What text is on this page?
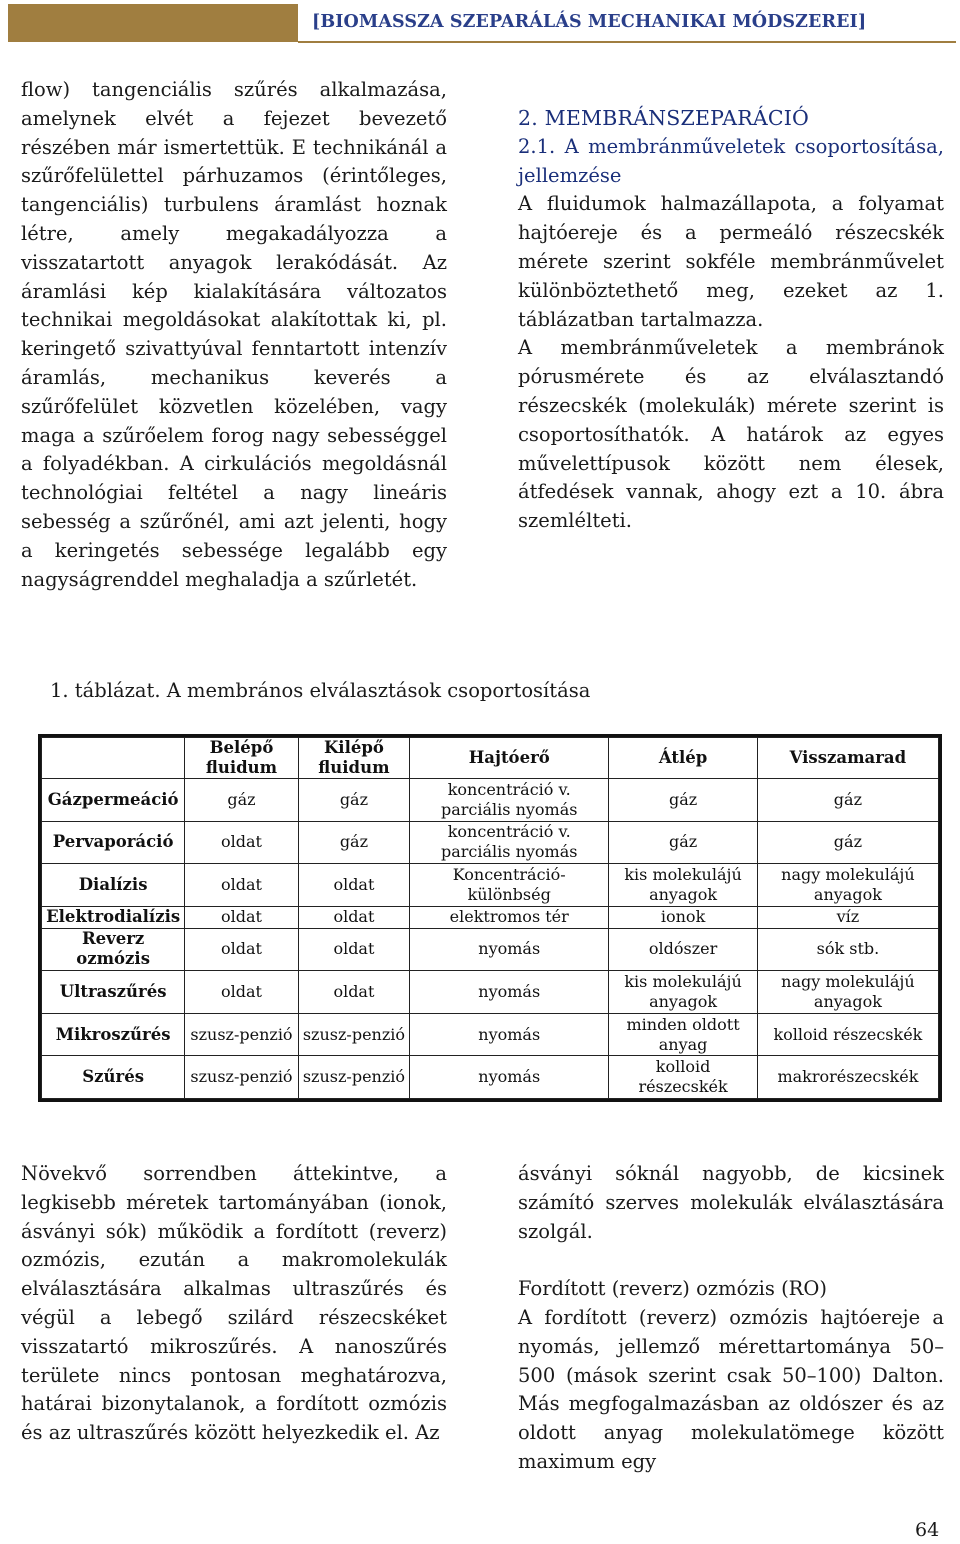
[BIOMASSZA SZEPARÁLÁS MECHANIKAI MÓDSZEREI]

flow) tangenciális szűrés alkalmazása, amelynek elvét a fejezet bevezető részében már ismertettük. E technikánál a szűrőfelülettel párhuzamos (érintőleges, tangenciális) turbulens áramlást hoznak létre, amely megakadályozza a visszatartott anyagok lerakódását. Az áramlási kép kialakítására változatos technikai megoldásokat alakítottak ki, pl. keringető szivattyúval fenntartott intenzív áramlás, mechanikus keverés a szűrőfelület közvetlen közelében, vagy maga a szűrőelem forog nagy sebességgel a folyadékban. A cirkulációs megoldásnál technológiai feltétel a nagy lineáris sebesség a szűrőnél, ami azt jelenti, hogy a keringetés sebessége legalább egy nagyságrenddel meghaladja a szűrletét.

2. MEMBRÁNSZEPARÁCIÓ

2.1. A membránműveletek csoportosítása, jellemzése

A fluidumok halmazállapota, a folyamat hajtóereje és a permeáló részecskék mérete szerint sokféle membránművelet különböztethető meg, ezeket az 1. táblázatban tartalmazza.

A membránműveletek a membránok pórusmérete és az elválasztandó részecskék (molekulák) mérete szerint is csoportosíthatók. A határok az egyes művelettípusok között nem élesek, átfedések vannak, ahogy ezt a 10. ábra szemlélteti.

1. táblázat. A membrános elválasztások csoportosítása
	Belépő fluidum	Kilépő fluidum	Hajtóerő	Átlép	Visszamarad
Gázpermeáció	gáz	gáz	koncentráció v. parciális nyomás	gáz	gáz
Pervaporáció	oldat	gáz	koncentráció v. parciális nyomás	gáz	gáz
Dialízis	oldat	oldat	Koncentráció-különbség	kis molekulájú anyagok	nagy molekulájú anyagok
Elektrodialízis	oldat	oldat	elektromos tér	ionok	víz
Reverz ozmózis	oldat	oldat	nyomás	oldószer	sók stb.
Ultraszűrés	oldat	oldat	nyomás	kis molekulájú anyagok	nagy molekulájú anyagok
Mikroszűrés	szusz-penzió	szusz-penzió	nyomás	minden oldott anyag	kolloid részecskék
Szűrés	szusz-penzió	szusz-penzió	nyomás	kolloid részecskék	makrorészecskék

Növekvő sorrendben áttekintve, a legkisebb méretek tartományában (ionok, ásványi sók) működik a fordított (reverz) ozmózis, ezután a makromolekulák elválasztására alkalmas ultraszűrés és végül a lebegő szilárd részecskéket visszatartó mikroszűrés. A nanoszűrés területe nincs pontosan meghatározva, határai bizonytalanok, a fordított ozmózis és az ultraszűrés között helyezkedik el. Az

ásványi sóknál nagyobb, de kicsinek számító szerves molekulák elválasztására szolgál.

Fordított (reverz) ozmózis (RO)

A fordított (reverz) ozmózis hajtóereje a nyomás, jellemző mérettartománya 50–500 (mások szerint csak 50–100) Dalton. Más megfogalmazásban az oldószer és az oldott anyag molekulatömege között maximum egy

64
